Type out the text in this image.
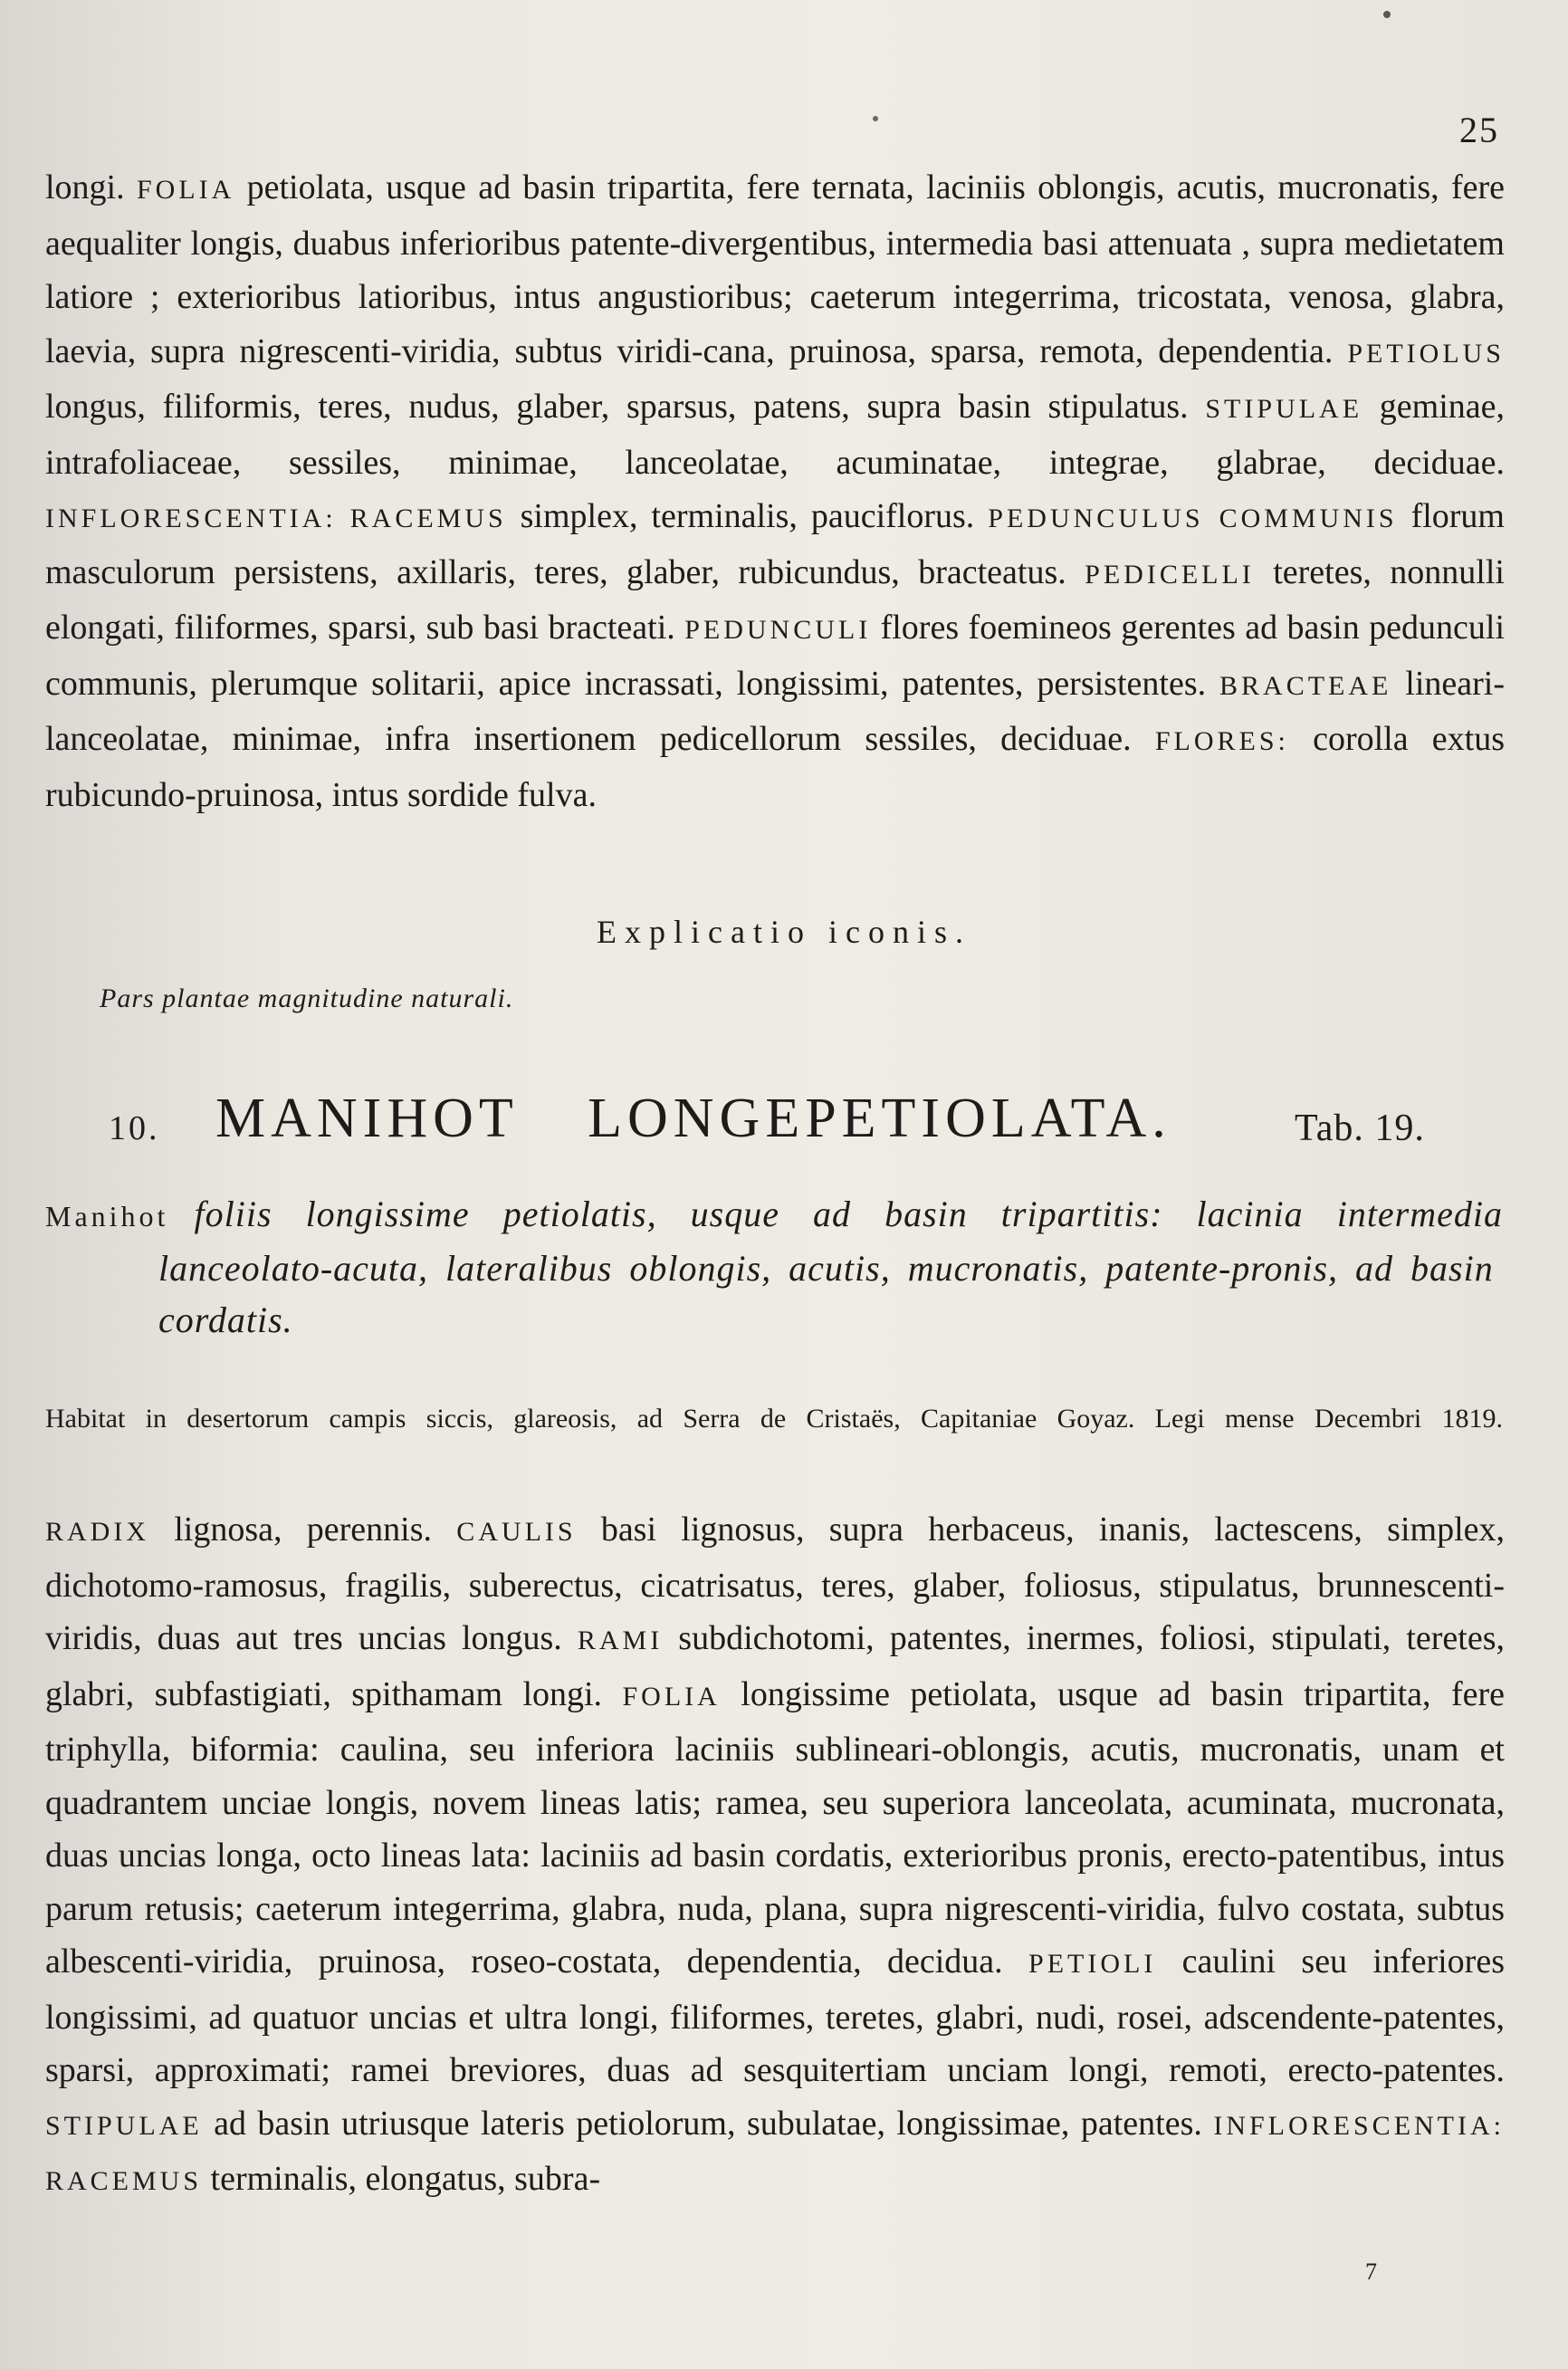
25
longi. FOLIA petiolata, usque ad basin tripartita, fere ternata, laciniis oblongis, acutis, mucronatis, fere aequaliter longis, duabus inferioribus patente-divergentibus, intermedia basi attenuata , supra medietatem latiore ; exterioribus latioribus, intus angustioribus; caeterum integerrima, tricostata, venosa, glabra, laevia, supra nigrescenti-viridia, subtus viridi-cana, pruinosa, sparsa, remota, dependentia. PETIOLUS longus, filiformis, teres, nudus, glaber, sparsus, patens, supra basin stipulatus. STIPULAE geminae, intrafoliaceae, sessiles, minimae, lanceolatae, acuminatae, integrae, glabrae, deciduae. INFLORESCENTIA: RACEMUS simplex, terminalis, pauciflorus. PEDUNCULUS COMMUNIS florum masculorum persistens, axillaris, teres, glaber, rubicundus, bracteatus. PEDICELLI teretes, nonnulli elongati, filiformes, sparsi, sub basi bracteati. PEDUNCULI flores foemineos gerentes ad basin pedunculi communis, plerumque solitarii, apice incrassati, longissimi, patentes, persistentes. BRACTEAE lineari-lanceolatae, minimae, infra insertionem pedicellorum sessiles, deciduae. FLORES: corolla extus rubicundo-pruinosa, intus sordide fulva.
Explicatio iconis.
Pars plantae magnitudine naturali.
10. MANIHOT LONGEPETIOLATA.	Tab. 19.
Manihot foliis longissime petiolatis, usque ad basin tripartitis: lacinia intermedia
lanceolato-acuta, lateralibus oblongis, acutis, mucronatis, patente-pronis, ad basin cordatis.
Habitat in desertorum campis siccis, glareosis, ad Serra de Cristaës, Capitaniae Goyaz. Legi mense Decembri 1819.
RADIX lignosa, perennis. CAULIS basi lignosus, supra herbaceus, inanis, lactescens, simplex, dichotomo-ramosus, fragilis, suberectus, cicatrisatus, teres, glaber, foliosus, stipulatus, brunnescenti-viridis, duas aut tres uncias longus. RAMI subdichotomi, patentes, inermes, foliosi, stipulati, teretes, glabri, subfastigiati, spithamam longi. FOLIA longissime petiolata, usque ad basin tripartita, fere triphylla, biformia: caulina, seu inferiora laciniis sublineari-oblongis, acutis, mucronatis, unam et quadrantem unciae longis, novem lineas latis; ramea, seu superiora lanceolata, acuminata, mucronata, duas uncias longa, octo lineas lata: laciniis ad basin cordatis, exterioribus pronis, erecto-patentibus, intus parum retusis; caeterum integerrima, glabra, nuda, plana, supra nigrescenti-viridia, fulvo costata, subtus albescenti-viridia, pruinosa, roseo-costata, dependentia, decidua. PETIOLI caulini seu inferiores longissimi, ad quatuor uncias et ultra longi, filiformes, teretes, glabri, nudi, rosei, adscendente-patentes, sparsi, approximati; ramei breviores, duas ad sesquitertiam unciam longi, remoti, erecto-patentes. STIPULAE ad basin utriusque lateris petiolorum, subulatae, longissimae, patentes. INFLORESCENTIA: RACEMUS terminalis, elongatus, subra-
7
